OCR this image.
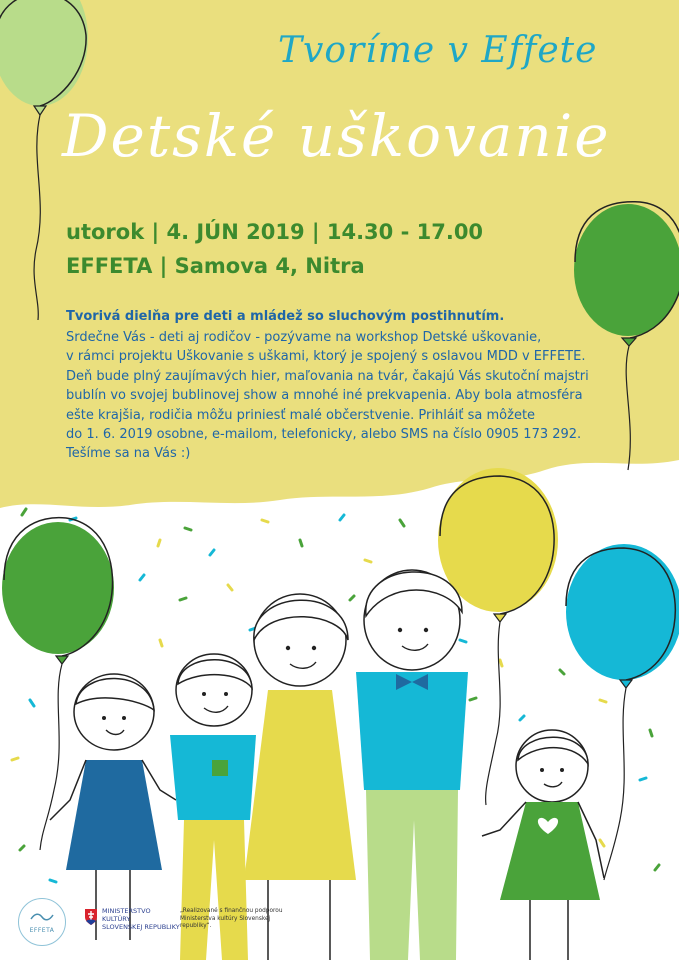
Tvoríme v Effete
Detské uškovanie
utorok | 4. JÚN 2019 | 14.30 - 17.00
EFFETA | Samova 4, Nitra
Tvorivá dielňa pre deti a mládež so sluchovým postihnutím.
Srdečne Vás - deti aj rodičov - pozývame na workshop Detské uškovanie,
v rámci projektu Uškovanie s uškami, ktorý je spojený s oslavou MDD v EFFETE.
Deň bude plný zaujímavých hier, maľovania na tvár, čakajú Vás skutoční majstri
bublín vo svojej bublinovej show a mnohé iné prekvapenia. Aby bola atmosféra
ešte krajšia, rodičia môžu priniesť malé občerstvenie. Prihláiť sa môžete
do 1. 6. 2019 osobne, e-mailom, telefonicky, alebo SMS na číslo 0905 173 292.
Tešíme sa na Vás :)
EFFETA
MINISTERSTVO
KULTÚRY
SLOVENSKEJ REPUBLIKY
„Realizované s finančnou podporou Ministerstva kultúry Slovenskej republiky“.
